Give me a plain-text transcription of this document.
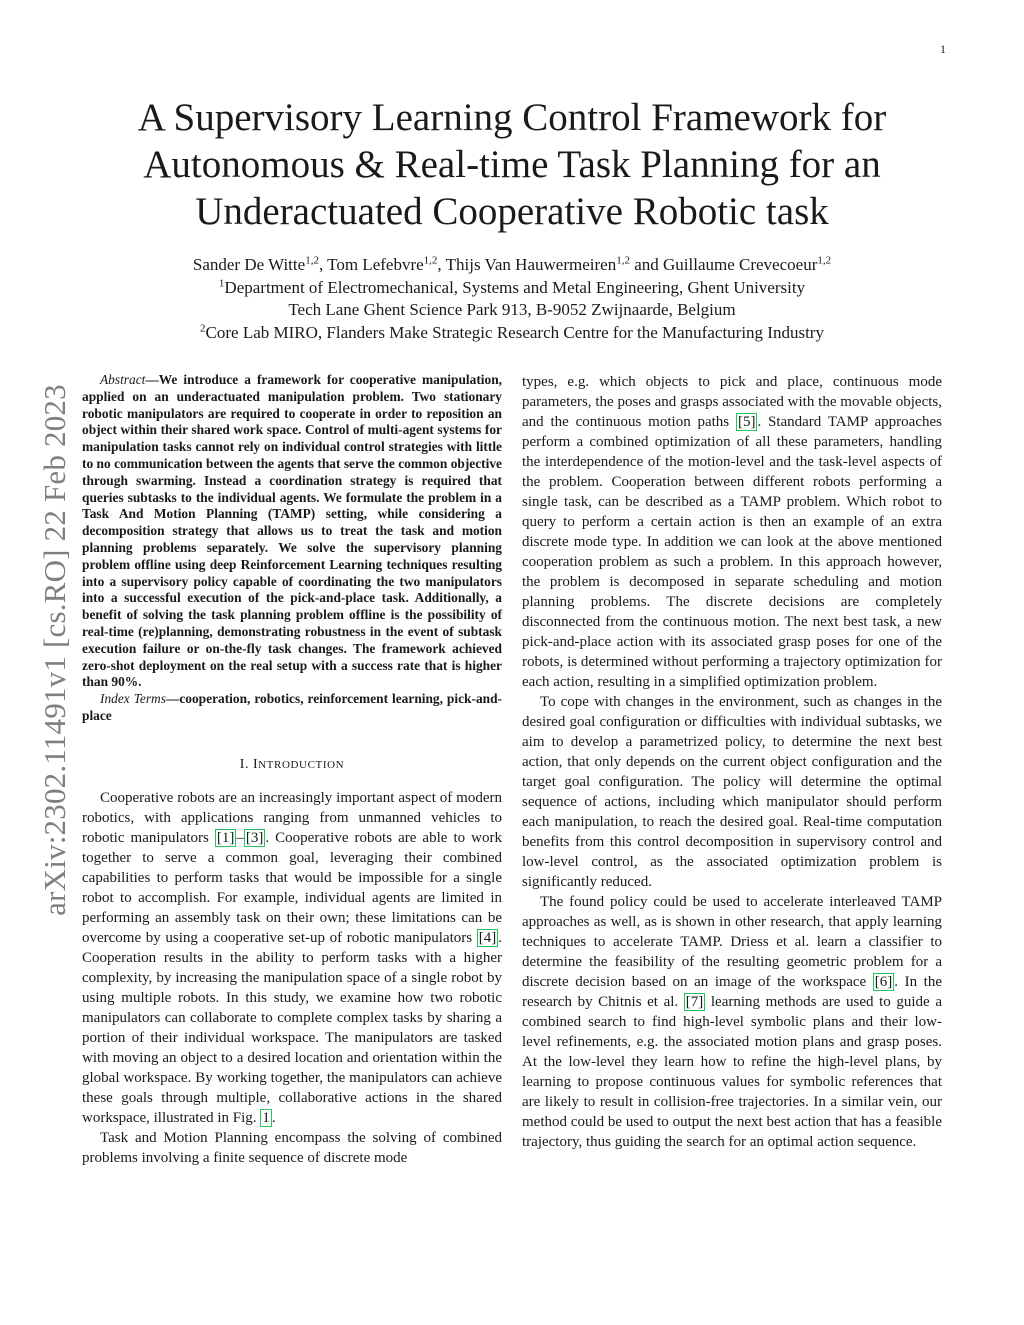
1
arXiv:2302.11491v1 [cs.RO] 22 Feb 2023
A Supervisory Learning Control Framework for Autonomous & Real-time Task Planning for an Underactuated Cooperative Robotic task
Sander De Witte$^{1,2}$, Tom Lefebvre$^{1,2}$, Thijs Van Hauwermeiren$^{1,2}$ and Guillaume Crevecoeur$^{1,2}$
$^1$Department of Electromechanical, Systems and Metal Engineering, Ghent University
Tech Lane Ghent Science Park 913, B-9052 Zwijnaarde, Belgium
$^2$Core Lab MIRO, Flanders Make Strategic Research Centre for the Manufacturing Industry

Abstract—We introduce a framework for cooperative manipulation, applied on an underactuated manipulation problem. Two stationary robotic manipulators are required to cooperate in order to reposition an object within their shared work space. Control of multi-agent systems for manipulation tasks cannot rely on individual control strategies with little to no communication between the agents that serve the common objective through swarming. Instead a coordination strategy is required that queries subtasks to the individual agents. We formulate the problem in a Task And Motion Planning (TAMP) setting, while considering a decomposition strategy that allows us to treat the task and motion planning problems separately. We solve the supervisory planning problem offline using deep Reinforcement Learning techniques resulting into a supervisory policy capable of coordinating the two manipulators into a successful execution of the pick-and-place task. Additionally, a benefit of solving the task planning problem offline is the possibility of real-time (re)planning, demonstrating robustness in the event of subtask execution failure or on-the-fly task changes. The framework achieved zero-shot deployment on the real setup with a success rate that is higher than 90%.

Index Terms—cooperation, robotics, reinforcement learning, pick-and-place

I. INTRODUCTION

Cooperative robots are an increasingly important aspect of modern robotics, with applications ranging from unmanned vehicles to robotic manipulators [1] – [3] . Cooperative robots are able to work together to serve a common goal, leveraging their combined capabilities to perform tasks that would be impossible for a single robot to accomplish. For example, individual agents are limited in performing an assembly task on their own; these limitations can be overcome by using a cooperative set-up of robotic manipulators [4] . Cooperation results in the ability to perform tasks with a higher complexity, by increasing the manipulation space of a single robot by using multiple robots. In this study, we examine how two robotic manipulators can collaborate to complete complex tasks by sharing a portion of their individual workspace. The manipulators are tasked with moving an object to a desired location and orientation within the global workspace. By working together, the manipulators can achieve these goals through multiple, collaborative actions in the shared workspace, illustrated in Fig. 1 .

Task and Motion Planning encompass the solving of combined problems involving a finite sequence of discrete mode

types, e.g. which objects to pick and place, continuous mode parameters, the poses and grasps associated with the movable objects, and the continuous motion paths [5] . Standard TAMP approaches perform a combined optimization of all these parameters, handling the interdependence of the motion-level and the task-level aspects of the problem. Cooperation between different robots performing a single task, can be described as a TAMP problem. Which robot to query to perform a certain action is then an example of an extra discrete mode type. In addition we can look at the above mentioned cooperation problem as such a problem. In this approach however, the problem is decomposed in separate scheduling and motion planning problems. The discrete decisions are completely disconnected from the continuous motion. The next best task, a new pick-and-place action with its associated grasp poses for one of the robots, is determined without performing a trajectory optimization for each action, resulting in a simplified optimization problem.

To cope with changes in the environment, such as changes in the desired goal configuration or difficulties with individual subtasks, we aim to develop a parametrized policy, to determine the next best action, that only depends on the current object configuration and the target goal configuration. The policy will determine the optimal sequence of actions, including which manipulator should perform each manipulation, to reach the desired goal. Real-time computation benefits from this control decomposition in supervisory control and low-level control, as the associated optimization problem is significantly reduced.

The found policy could be used to accelerate interleaved TAMP approaches as well, as is shown in other research, that apply learning techniques to accelerate TAMP. Driess et al. learn a classifier to determine the feasibility of the resulting geometric problem for a discrete decision based on an image of the workspace [6] . In the research by Chitnis et al. [7] learning methods are used to guide a combined search to find high-level symbolic plans and their low-level refinements, e.g. the associated motion plans and grasp poses. At the low-level they learn how to refine the high-level plans, by learning to propose continuous values for symbolic references that are likely to result in collision-free trajectories. In a similar vein, our method could be used to output the next best action that has a feasible trajectory, thus guiding the search for an optimal action sequence.
